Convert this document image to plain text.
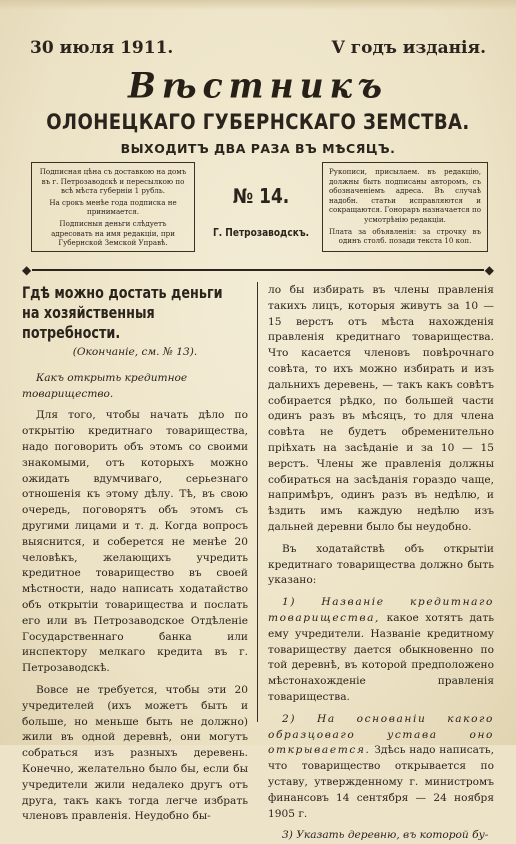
30 июля 1911.	V годъ изданія.
Вѣстникъ
ОЛОНЕЦКАГО ГУБЕРНСКАГО ЗЕМСТВА.
ВЫХОДИТЪ ДВА РАЗА ВЪ МѢСЯЦЪ.

Подписная цѣна съ доставкою на домъ въ г. Петрозаводскѣ и пересылкою по всѣ мѣста губерніи 1 рубль.

На срокъ менѣе года подписка не принимается.

Подписныя деньги слѣдуетъ адресовать на имя редакціи, при Губернской Земской Управѣ.

№ 14.
Г. Петрозаводскъ.

Рукописи, присылаем. въ редакцію, должны быть подписаны авторомъ, съ обозначеніемъ адреса. Въ случаѣ надобн. статьи исправляются и сокращаются. Гонораръ назначается по усмотрѣнію редакціи.

Плата за объявленія: за строчку въ одинъ столб. позади текста 10 коп.

◆	◆
Гдѣ можно достать деньги на хозяйственныя потребности.
(Окончаніе, см. № 13).
Какъ открыть кредитное товарищество.

Для того, чтобы начать дѣло по открытію кредитнаго товарищества, надо поговорить объ этомъ со своими знакомыми, отъ которыхъ можно ожидать вдумчиваго, серьезнаго отношенія къ этому дѣлу. Тѣ, въ свою очередь, поговорятъ объ этомъ съ другими лицами и т. д. Когда вопросъ выяснится, и соберется не менѣе 20 человѣкъ, желающихъ учредить кредитное товарищество въ своей мѣстности, надо написать ходатайство объ открытіи товарищества и послать его или въ Петрозаводское Отдѣленіе Государственнаго банка или инспектору мелкаго кредита въ г. Петрозаводскѣ.

Вовсе не требуется, чтобы эти 20 учредителей (ихъ можетъ быть и больше, но меньше быть не должно) жили въ одной деревнѣ, они могутъ собраться изъ разныхъ деревень. Конечно, желательно было бы, если бы учредители жили недалеко другъ отъ друга, такъ какъ тогда легче избрать членовъ правленія. Неудобно бы-

ло бы избирать въ члены правленія такихъ лицъ, которыя живутъ за 10 — 15 верстъ отъ мѣста нахожденія правленія кредитнаго товарищества. Что касается членовъ повѣрочнаго совѣта, то ихъ можно избирать и изъ дальнихъ деревень, — такъ какъ совѣтъ собирается рѣдко, по большей части одинъ разъ въ мѣсяцъ, то для члена совѣта не будетъ обременительно пріѣхать на засѣданіе и за 10 — 15 верстъ. Члены же правленія должны собираться на засѣданія гораздо чаще, напримѣръ, одинъ разъ въ недѣлю, и ѣздить имъ каждую недѣлю изъ дальней деревни было бы неудобно.

Въ ходатайствѣ объ открытіи кредитнаго товарищества должно быть указано:

1) Названіе кредитнаго товарищества, какое хотятъ дать ему учредители. Названіе кредитному товариществу дается обыкновенно по той деревнѣ, въ которой предположено мѣстонахожденіе правленія товарищества.

2) На основаніи какого образцоваго устава оно открывается. Здѣсь надо написать, что товарищество открывается по уставу, утвержденному г. министромъ финансовъ 14 сентября — 24 ноября 1905 г.

3) Указать деревню, въ которой бу-
